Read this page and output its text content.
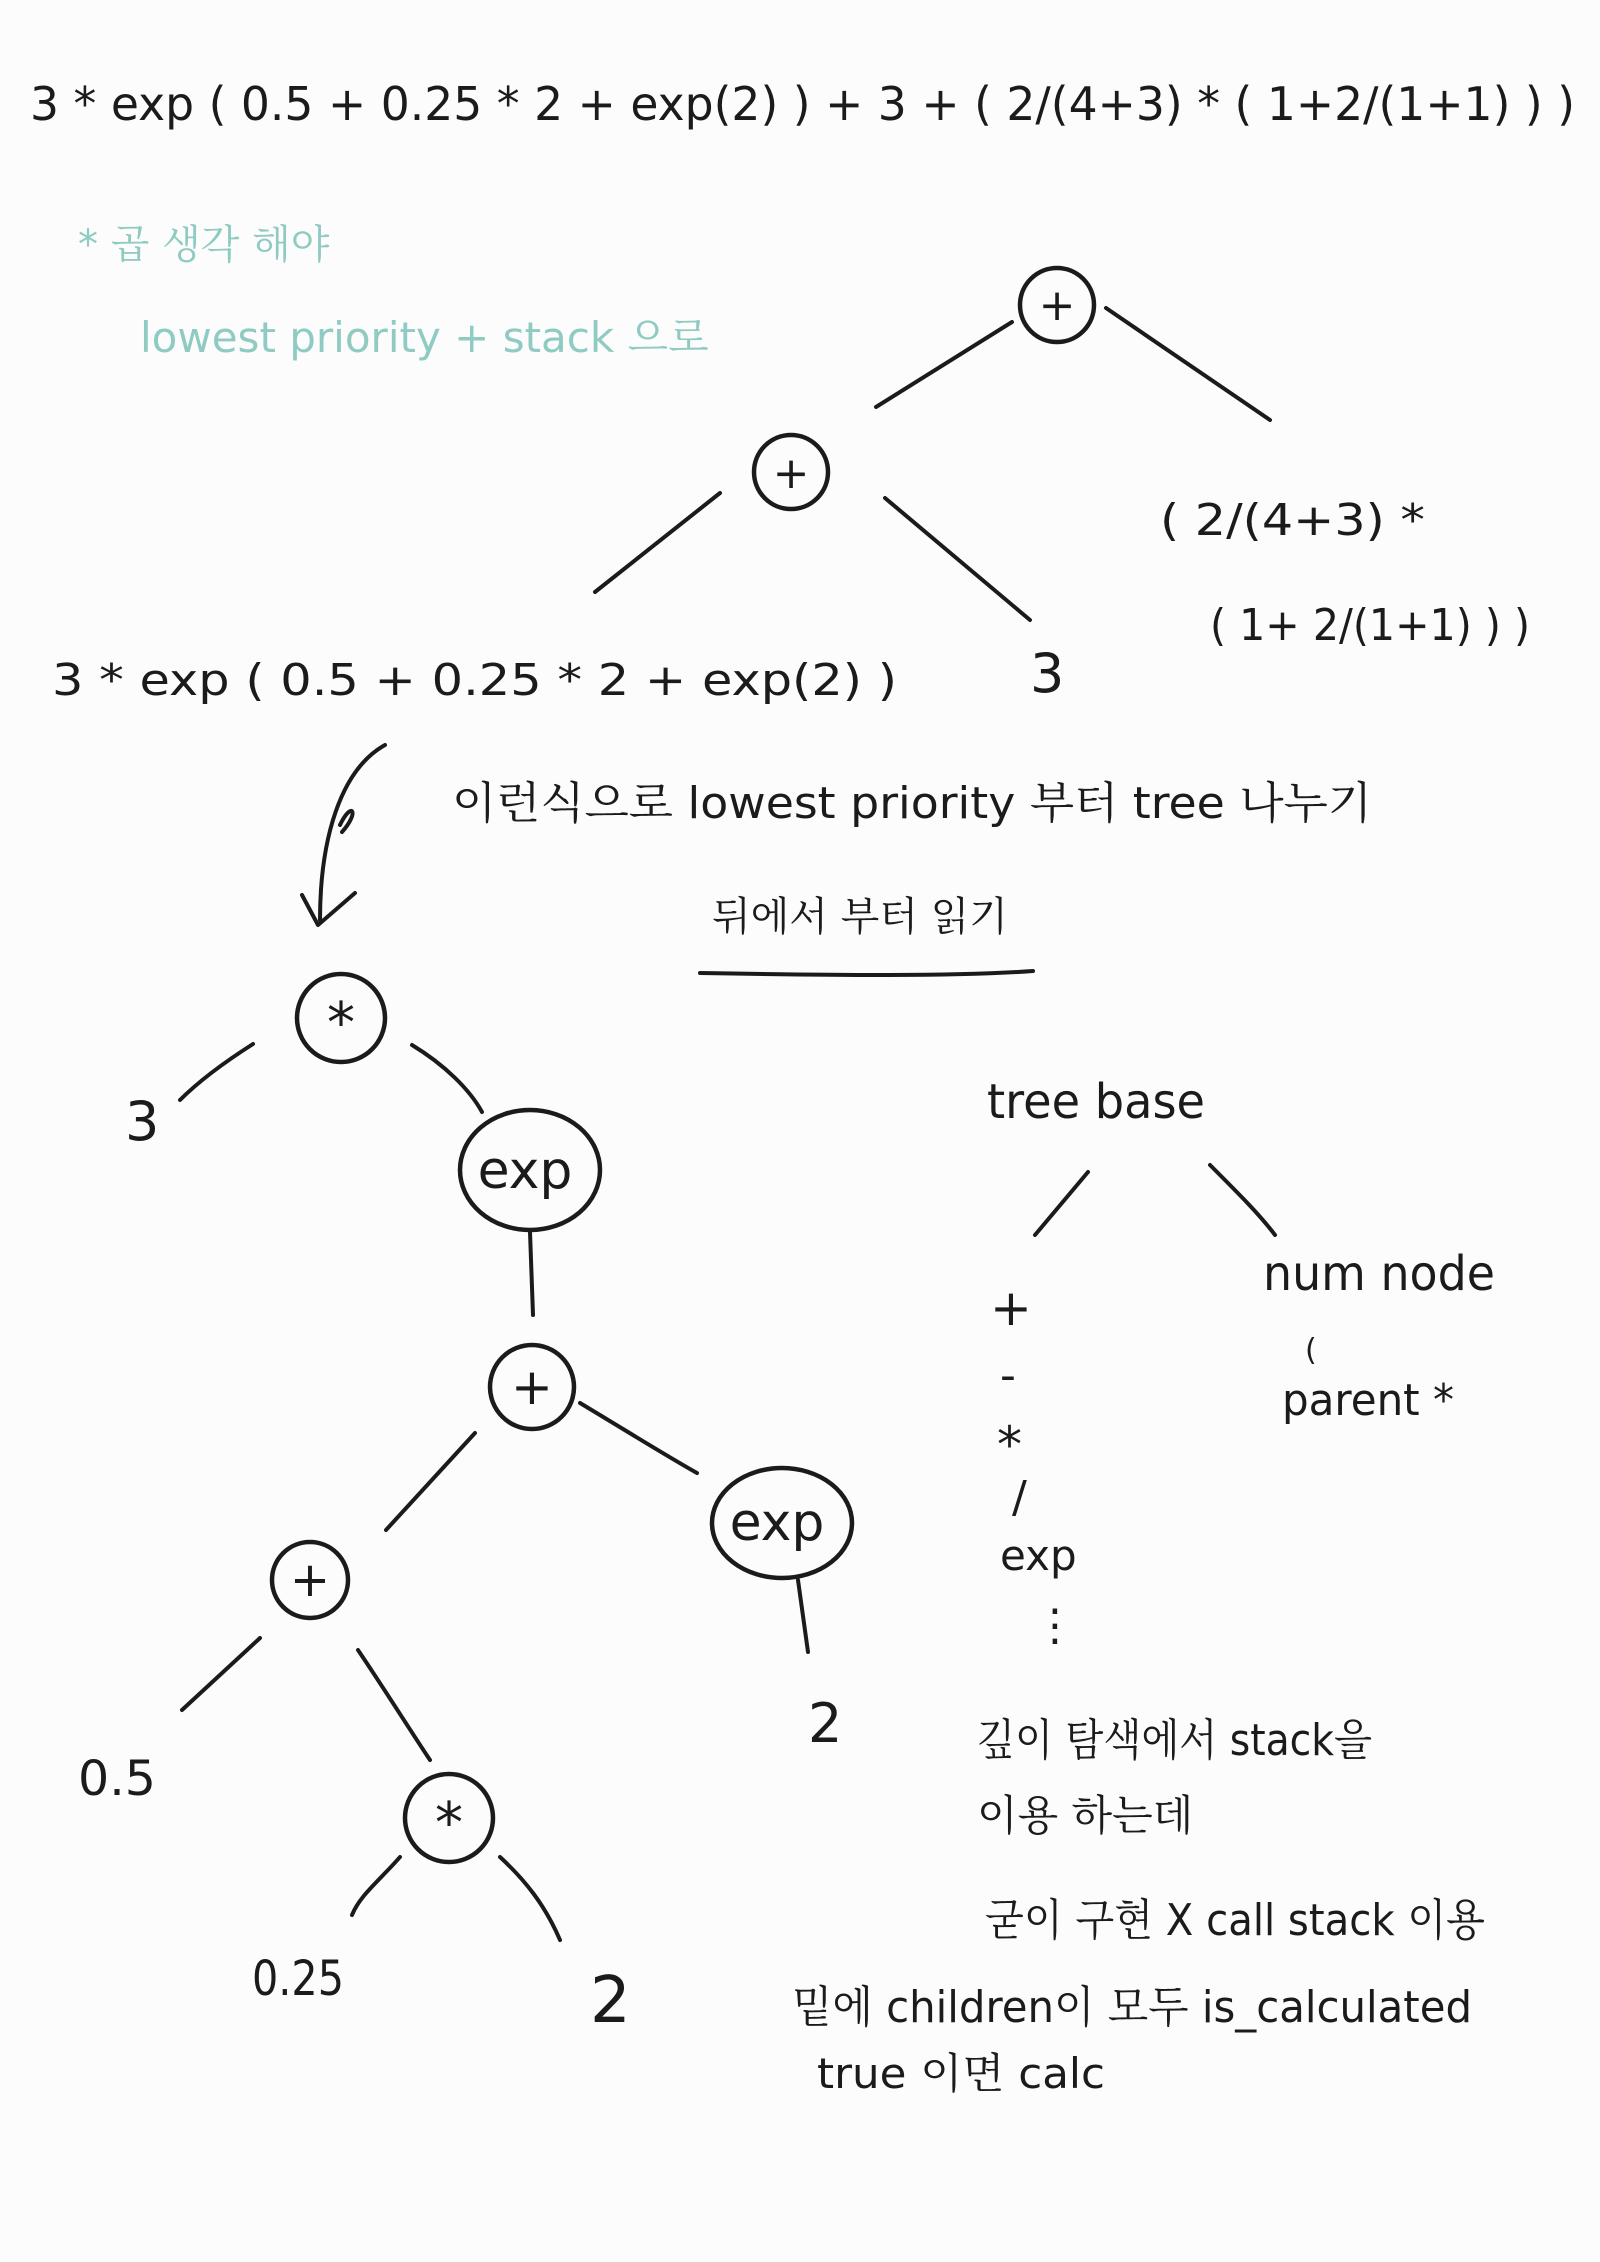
3 * exp ( 0.5 + 0.25 * 2 + exp(2) ) + 3 + ( 2/(4+3) * ( 1+2/(1+1) ) )
* 곱 생각 해야
lowest priority + stack 으로
+
+
3 * exp ( 0.5 + 0.25 * 2 + exp(2) ) 3
( 2/(4+3) *
( 1+ 2/(1+1) ) )
이런식으로 lowest priority 부터 tree 나누기
뒤에서 부터 읽기
*
3
exp
+
exp
2
+
0.5
*
0.25	2
tree base
+
-
*
/
exp
⋮
num node
(
parent *
깊이 탐색에서 stack을
이용 하는데
굳이 구현 X call stack 이용
밑에 children이 모두 is_calculated
true 이면 calc
